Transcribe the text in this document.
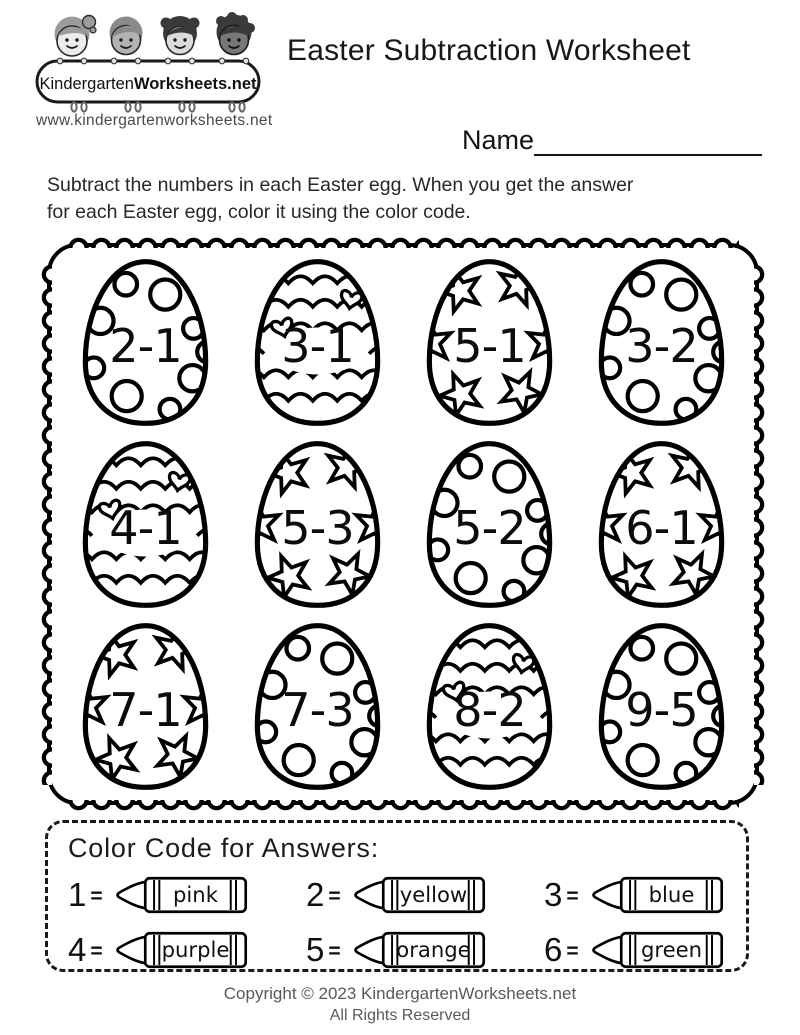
KindergartenWorksheets.net
www.kindergartenworksheets.net
Easter Subtraction Worksheet
Name
Subtract the numbers in each Easter egg. When you get the answer
for each Easter egg, color it using the color code.
2-1 3-1 5-1 3-2
4-1 5-3 5-2 6-1
7-1 7-3 8-2 9-5
Color Code for Answers:
1 =	pink	2 = yellow 3 =	blue
4 = purple 5 = orange 6 =	green
Copyright © 2023 KindergartenWorksheets.net
All Rights Reserved
